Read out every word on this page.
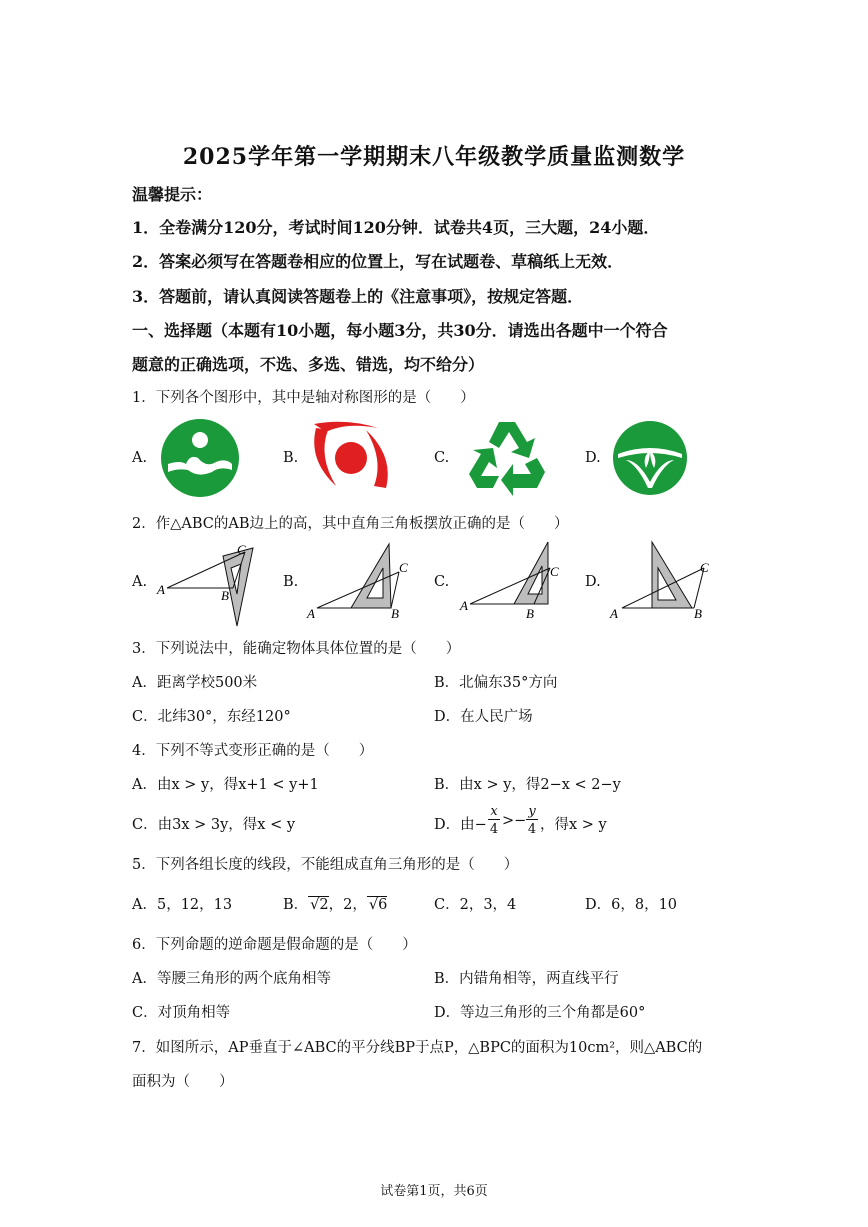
2025学年第一学期期末八年级教学质量监测数学
温馨提示：
1．全卷满分120分，考试时间120分钟．试卷共4页，三大题，24小题．
2．答案必须写在答题卷相应的位置上，写在试题卷、草稿纸上无效．
3．答题前，请认真阅读答题卷上的《注意事项》，按规定答题．
一、选择题（本题有10小题，每小题3分，共30分．请选出各题中一个符合
题意的正确选项，不选、多选、错选，均不给分）
1．下列各个图形中，其中是轴对称图形的是（　　）
A.	B.	C.	D.
2．作△ABC的AB边上的高，其中直角三角板摆放正确的是（　　）
A.	B.	C.	D.
A
C
B
A
C
B
A
C
B	A
C
B
3．下列说法中，能确定物体具体位置的是（　　）
A．距离学校500米	B．北偏东35°方向
C．北纬30°，东经120°	D．在人民广场
4．下列不等式变形正确的是（　　）
A．由x > y，得x+1 < y+1	B．由x > y，得2−x < 2−y
C．由3x > 3y，得x < y	D．由−
x
4
>−
y
4 ，得x > y
5．下列各组长度的线段，不能组成直角三角形的是（　　）
A．5，12，13	B． √2，2， √6	C．2，3，4	D．6，8，10
6．下列命题的逆命题是假命题的是（　　）
A．等腰三角形的两个底角相等	B．内错角相等，两直线平行
C．对顶角相等	D．等边三角形的三个角都是60°
7．如图所示，AP垂直于∠ABC的平分线BP于点P，△BPC的面积为10cm²，则△ABC的
面积为（　　）
试卷第1页，共6页
